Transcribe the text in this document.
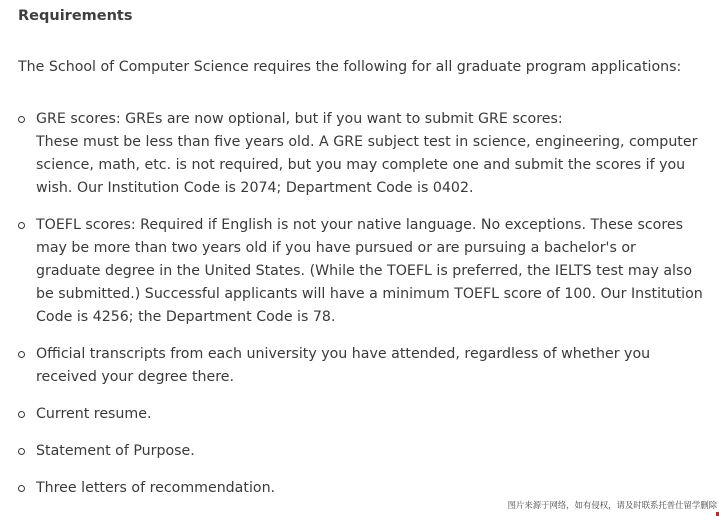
Requirements
The School of Computer Science requires the following for all graduate program applications:
GRE scores: GREs are now optional, but if you want to submit GRE scores:
These must be less than five years old. A GRE subject test in science, engineering, computer
science, math, etc. is not required, but you may complete one and submit the scores if you
wish. Our Institution Code is 2074; Department Code is 0402.
TOEFL scores: Required if English is not your native language. No exceptions. These scores
may be more than two years old if you have pursued or are pursuing a bachelor's or
graduate degree in the United States. (While the TOEFL is preferred, the IELTS test may also
be submitted.) Successful applicants will have a minimum TOEFL score of 100. Our Institution
Code is 4256; the Department Code is 78.
Official transcripts from each university you have attended, regardless of whether you
received your degree there.
Current resume.
Statement of Purpose.
Three letters of recommendation.
图片来源于网络，如有侵权，请及时联系托普仕留学删除
